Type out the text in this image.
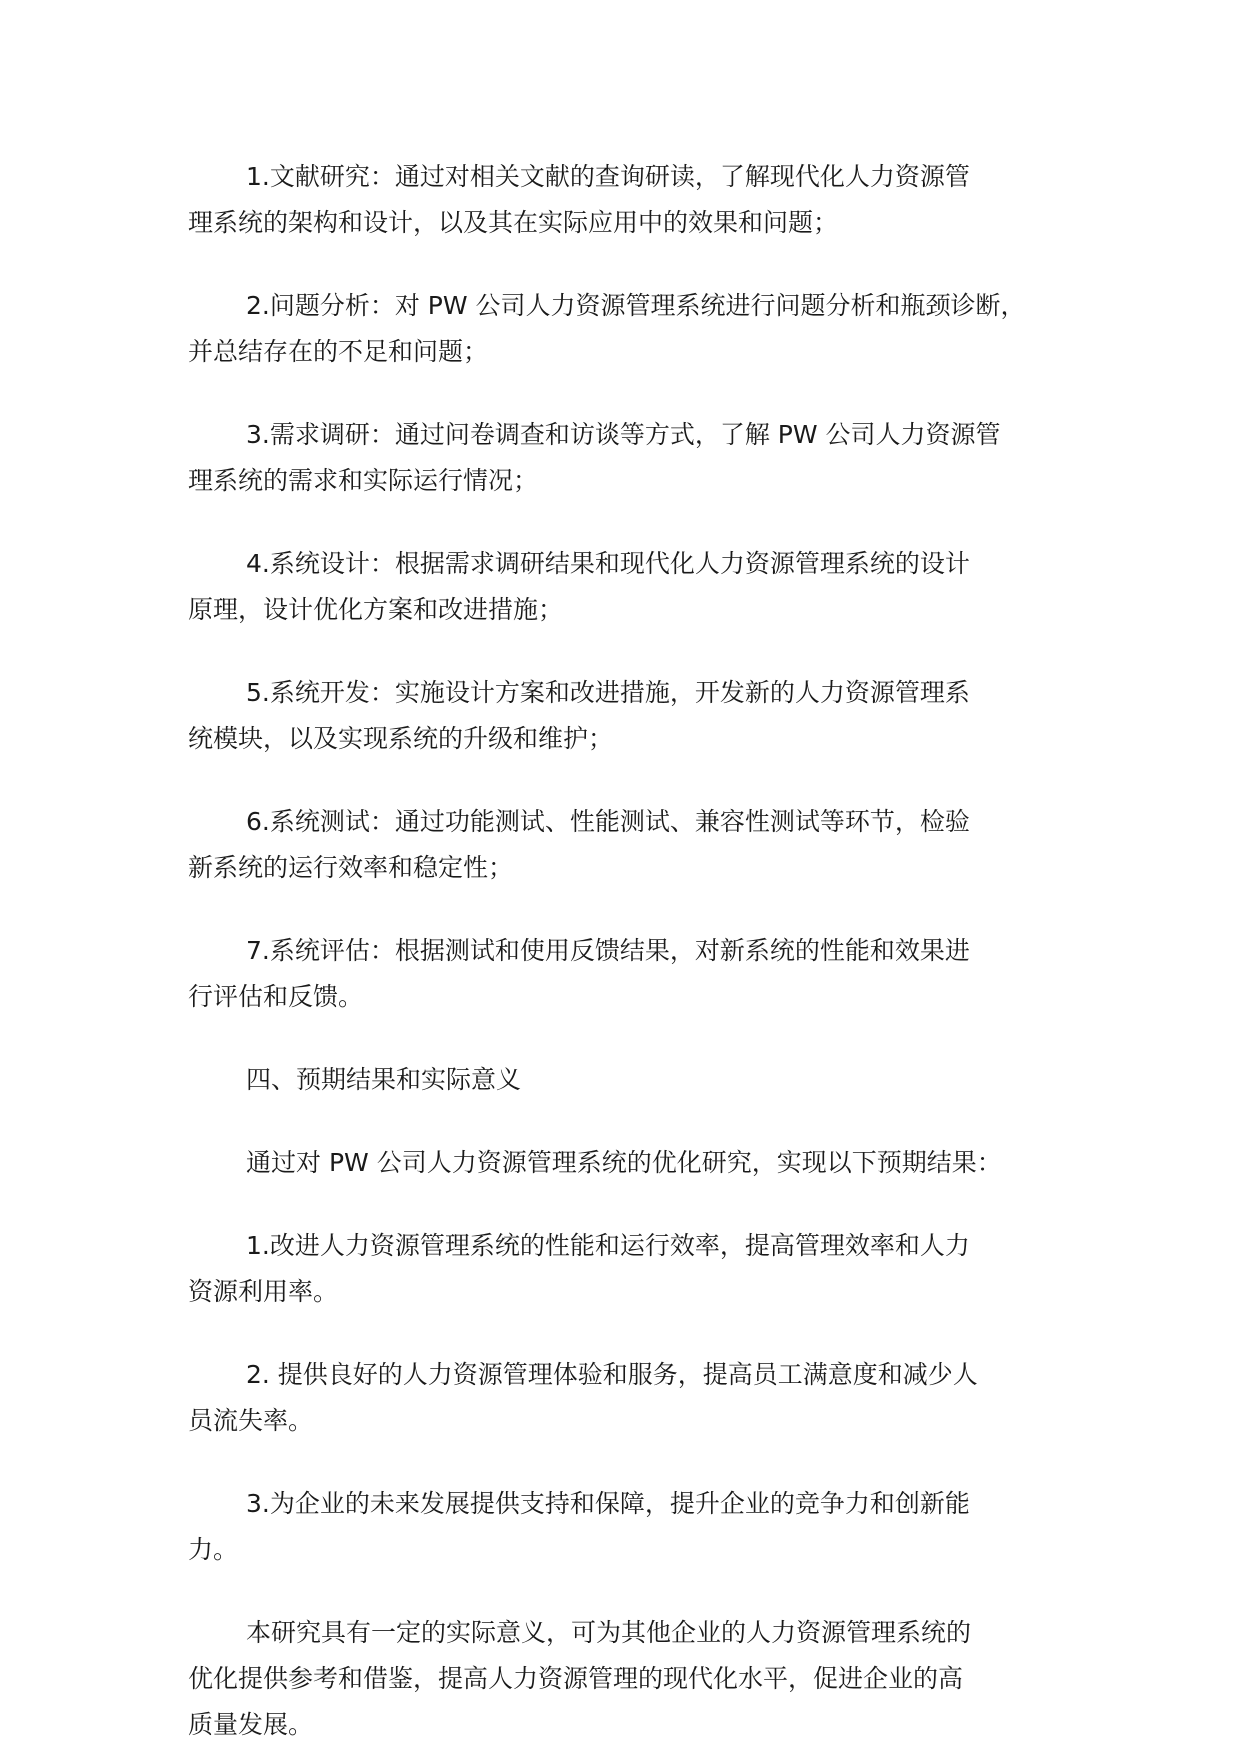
1.文献研究：通过对相关文献的查询研读，了解现代化人力资源管
理系统的架构和设计，以及其在实际应用中的效果和问题；

2.问题分析：对 PW 公司人力资源管理系统进行问题分析和瓶颈诊断，
并总结存在的不足和问题；

3.需求调研：通过问卷调查和访谈等方式，了解 PW 公司人力资源管
理系统的需求和实际运行情况；

4.系统设计：根据需求调研结果和现代化人力资源管理系统的设计
原理，设计优化方案和改进措施；

5.系统开发：实施设计方案和改进措施，开发新的人力资源管理系
统模块，以及实现系统的升级和维护；

6.系统测试：通过功能测试、性能测试、兼容性测试等环节，检验
新系统的运行效率和稳定性；

7.系统评估：根据测试和使用反馈结果，对新系统的性能和效果进
行评估和反馈。

四、预期结果和实际意义

通过对 PW 公司人力资源管理系统的优化研究，实现以下预期结果：

1.改进人力资源管理系统的性能和运行效率，提高管理效率和人力
资源利用率。

2. 提供良好的人力资源管理体验和服务，提高员工满意度和减少人
员流失率。

3.为企业的未来发展提供支持和保障，提升企业的竞争力和创新能
力。

本研究具有一定的实际意义，可为其他企业的人力资源管理系统的
优化提供参考和借鉴，提高人力资源管理的现代化水平，促进企业的高
质量发展。
